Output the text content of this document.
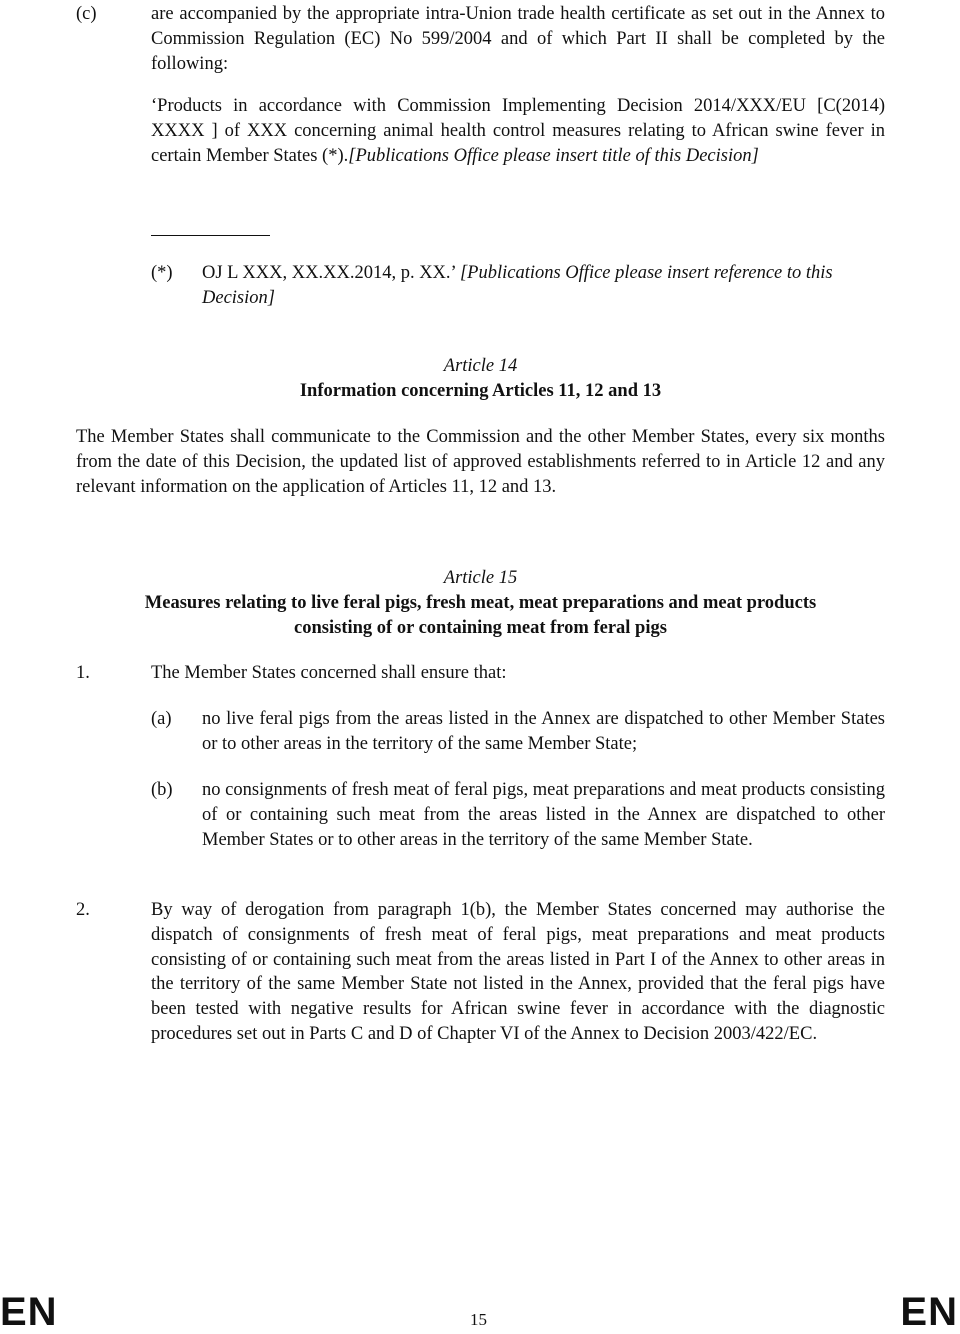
(c)	are accompanied by the appropriate intra-Union trade health certificate as set out in the Annex to Commission Regulation (EC) No 599/2004 and of which Part II shall be completed by the following:

‘Products in accordance with Commission Implementing Decision 2014/XXX/EU [C(2014) XXXX ] of XXX concerning animal health control measures relating to African swine fever in certain Member States (*).[Publications Office please insert title of this Decision]

(*) OJ L XXX, XX.XX.2014, p. XX.’ [Publications Office please insert reference to this Decision]

Article 14
Information concerning Articles 11, 12 and 13

The Member States shall communicate to the Commission and the other Member States, every six months from the date of this Decision, the updated list of approved establishments referred to in Article 12 and any relevant information on the application of Articles 11, 12 and 13.

Article 15
Measures relating to live feral pigs, fresh meat, meat preparations and meat products
consisting of or containing meat from feral pigs
1.	The Member States concerned shall ensure that:

(a) no live feral pigs from the areas listed in the Annex are dispatched to other Member States or to other areas in the territory of the same Member State;

(b) no consignments of fresh meat of feral pigs, meat preparations and meat products consisting of or containing such meat from the areas listed in the Annex are dispatched to other Member States or to other areas in the territory of the same Member State.

2.	By way of derogation from paragraph 1(b), the Member States concerned may authorise the dispatch of consignments of fresh meat of feral pigs, meat preparations and meat products consisting of or containing such meat from the areas listed in Part I of the Annex to other areas in the territory of the same Member State not listed in the Annex, provided that the feral pigs have been tested with negative results for African swine fever in accordance with the diagnostic procedures set out in Parts C and D of Chapter VI of the Annex to Decision 2003/422/EC.

EN	15	EN
